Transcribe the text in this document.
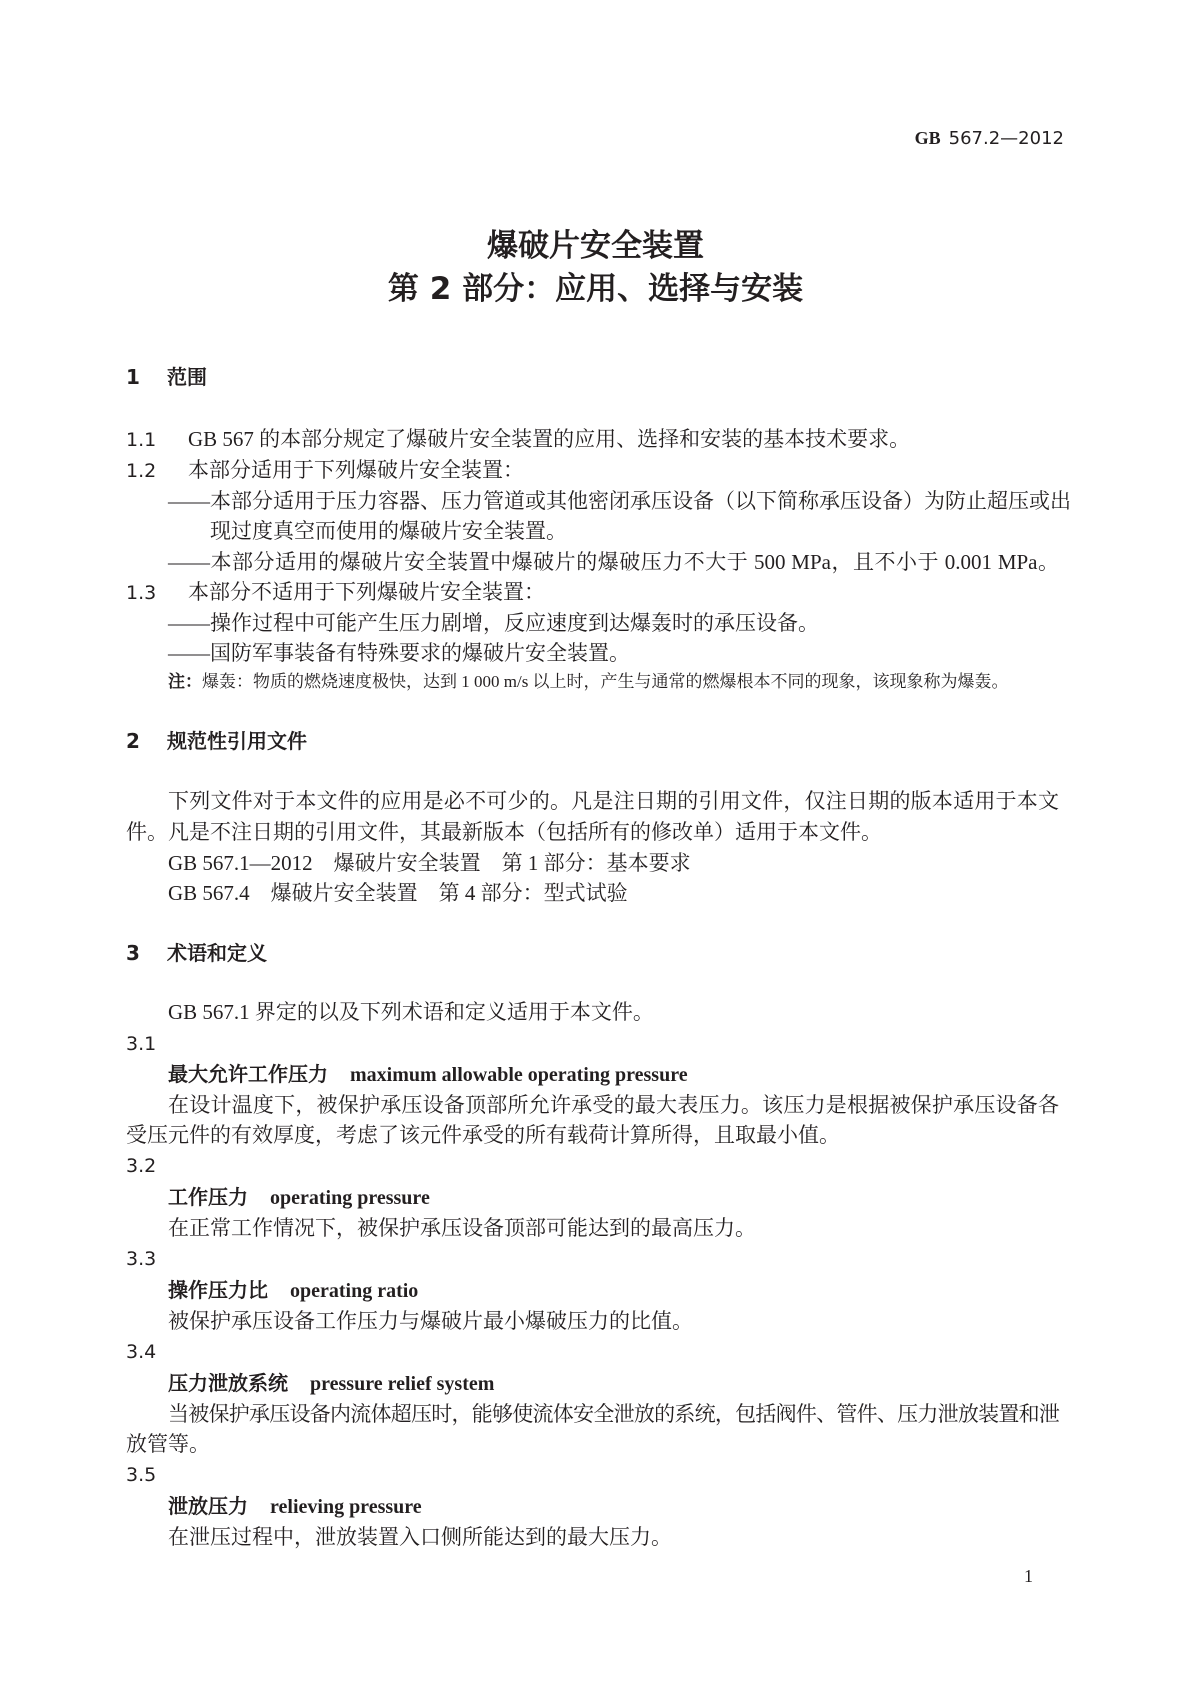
GB 567.2—2012
爆破片安全装置
第 2 部分：应用、选择与安装
1 范围
1.1 GB 567 的本部分规定了爆破片安全装置的应用、选择和安装的基本技术要求。
1.2 本部分适用于下列爆破片安全装置：
——本部分适用于压力容器、压力管道或其他密闭承压设备（以下简称承压设备）为防止超压或出
现过度真空而使用的爆破片安全装置。
——本部分适用的爆破片安全装置中爆破片的爆破压力不大于 500 MPa，且不小于 0.001 MPa。
1.3 本部分不适用于下列爆破片安全装置：
——操作过程中可能产生压力剧增，反应速度到达爆轰时的承压设备。
——国防军事装备有特殊要求的爆破片安全装置。
注：爆轰：物质的燃烧速度极快，达到 1 000 m/s 以上时，产生与通常的燃爆根本不同的现象，该现象称为爆轰。
2 规范性引用文件
下列文件对于本文件的应用是必不可少的。凡是注日期的引用文件，仅注日期的版本适用于本文
件。凡是不注日期的引用文件，其最新版本（包括所有的修改单）适用于本文件。
GB 567.1—2012　爆破片安全装置　第 1 部分：基本要求
GB 567.4　爆破片安全装置　第 4 部分：型式试验
3 术语和定义
GB 567.1 界定的以及下列术语和定义适用于本文件。
3.1
最大允许工作压力 maximum allowable operating pressure
在设计温度下，被保护承压设备顶部所允许承受的最大表压力。该压力是根据被保护承压设备各
受压元件的有效厚度，考虑了该元件承受的所有载荷计算所得，且取最小值。
3.2
工作压力 operating pressure
在正常工作情况下，被保护承压设备顶部可能达到的最高压力。
3.3
操作压力比 operating ratio
被保护承压设备工作压力与爆破片最小爆破压力的比值。
3.4
压力泄放系统 pressure relief system
当被保护承压设备内流体超压时，能够使流体安全泄放的系统，包括阀件、管件、压力泄放装置和泄
放管等。
3.5
泄放压力 relieving pressure
在泄压过程中，泄放装置入口侧所能达到的最大压力。
1
